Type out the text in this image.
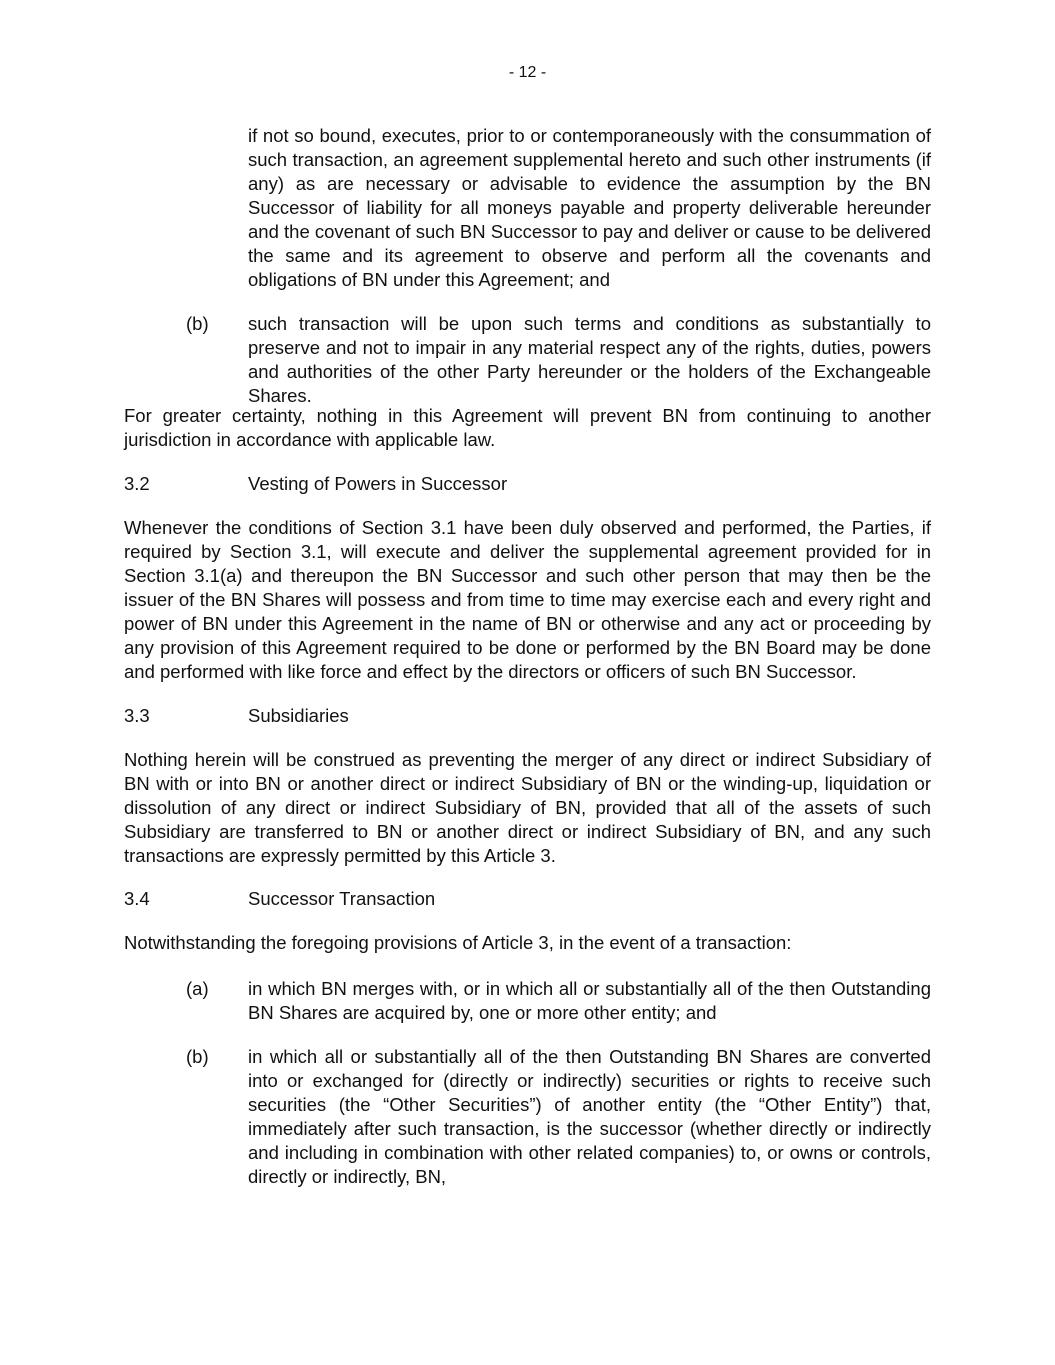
- 12 -
if not so bound, executes, prior to or contemporaneously with the consummation of such transaction, an agreement supplemental hereto and such other instruments (if any) as are necessary or advisable to evidence the assumption by the BN Successor of liability for all moneys payable and property deliverable hereunder and the covenant of such BN Successor to pay and deliver or cause to be delivered the same and its agreement to observe and perform all the covenants and obligations of BN under this Agreement; and
(b)	such transaction will be upon such terms and conditions as substantially to preserve and not to impair in any material respect any of the rights, duties, powers and authorities of the other Party hereunder or the holders of the Exchangeable Shares.
For greater certainty, nothing in this Agreement will prevent BN from continuing to another jurisdiction in accordance with applicable law.
3.2	Vesting of Powers in Successor
Whenever the conditions of Section 3.1 have been duly observed and performed, the Parties, if required by Section 3.1, will execute and deliver the supplemental agreement provided for in Section 3.1(a) and thereupon the BN Successor and such other person that may then be the issuer of the BN Shares will possess and from time to time may exercise each and every right and power of BN under this Agreement in the name of BN or otherwise and any act or proceeding by any provision of this Agreement required to be done or performed by the BN Board may be done and performed with like force and effect by the directors or officers of such BN Successor.
3.3	Subsidiaries
Nothing herein will be construed as preventing the merger of any direct or indirect Subsidiary of BN with or into BN or another direct or indirect Subsidiary of BN or the winding-up, liquidation or dissolution of any direct or indirect Subsidiary of BN, provided that all of the assets of such Subsidiary are transferred to BN or another direct or indirect Subsidiary of BN, and any such transactions are expressly permitted by this Article 3.
3.4	Successor Transaction
Notwithstanding the foregoing provisions of Article 3, in the event of a transaction:
(a)	in which BN merges with, or in which all or substantially all of the then Outstanding BN Shares are acquired by, one or more other entity; and
(b)	in which all or substantially all of the then Outstanding BN Shares are converted into or exchanged for (directly or indirectly) securities or rights to receive such securities (the “Other Securities”) of another entity (the “Other Entity”) that, immediately after such transaction, is the successor (whether directly or indirectly and including in combination with other related companies) to, or owns or controls, directly or indirectly, BN,
